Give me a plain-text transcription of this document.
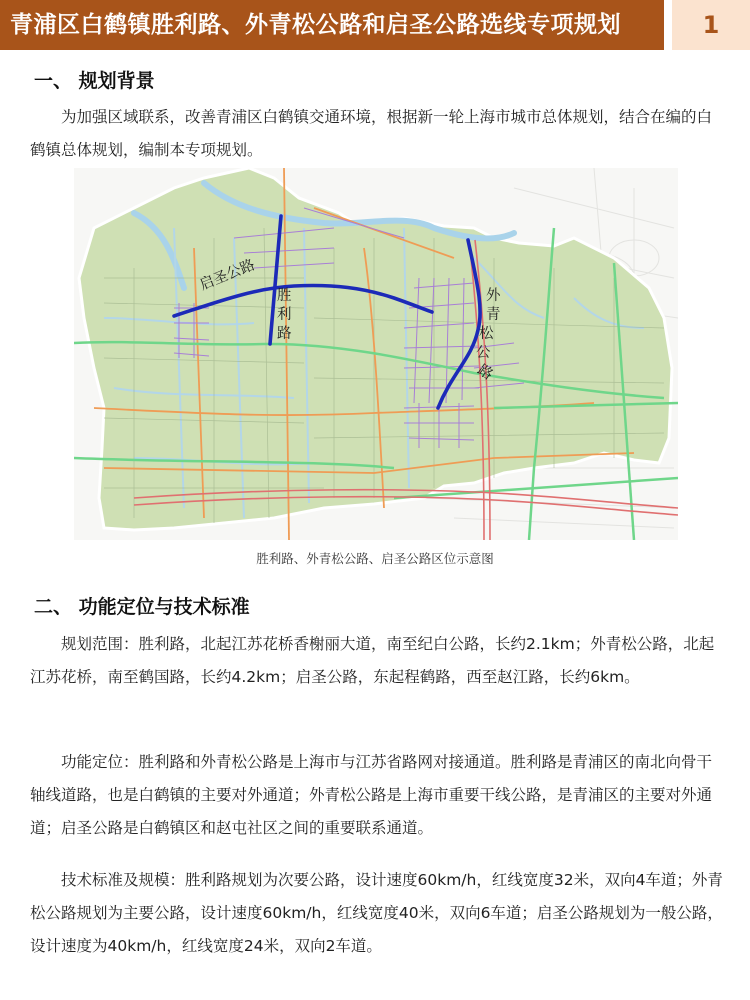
青浦区白鹤镇胜利路、外青松公路和启圣公路选线专项规划	1
一、 规划背景

为加强区域联系，改善青浦区白鹤镇交通环境，根据新一轮上海市城市总体规划，结合在编的白鹤镇总体规划，编制本专项规划。

启圣公路
胜
利
路
外
青
松
公
路
胜利路、外青松公路、启圣公路区位示意图
二、 功能定位与技术标准

规划范围：胜利路，北起江苏花桥香榭丽大道，南至纪白公路，长约2.1km；外青松公路，北起江苏花桥，南至鹤国路，长约4.2km；启圣公路，东起程鹤路，西至赵江路，长约6km。

功能定位：胜利路和外青松公路是上海市与江苏省路网对接通道。胜利路是青浦区的南北向骨干轴线道路，也是白鹤镇的主要对外通道；外青松公路是上海市重要干线公路，是青浦区的主要对外通道；启圣公路是白鹤镇区和赵屯社区之间的重要联系通道。

技术标准及规模：胜利路规划为次要公路，设计速度60km/h，红线宽度32米，双向4车道；外青松公路规划为主要公路，设计速度60km/h，红线宽度40米，双向6车道；启圣公路规划为一般公路，设计速度为40km/h，红线宽度24米，双向2车道。
